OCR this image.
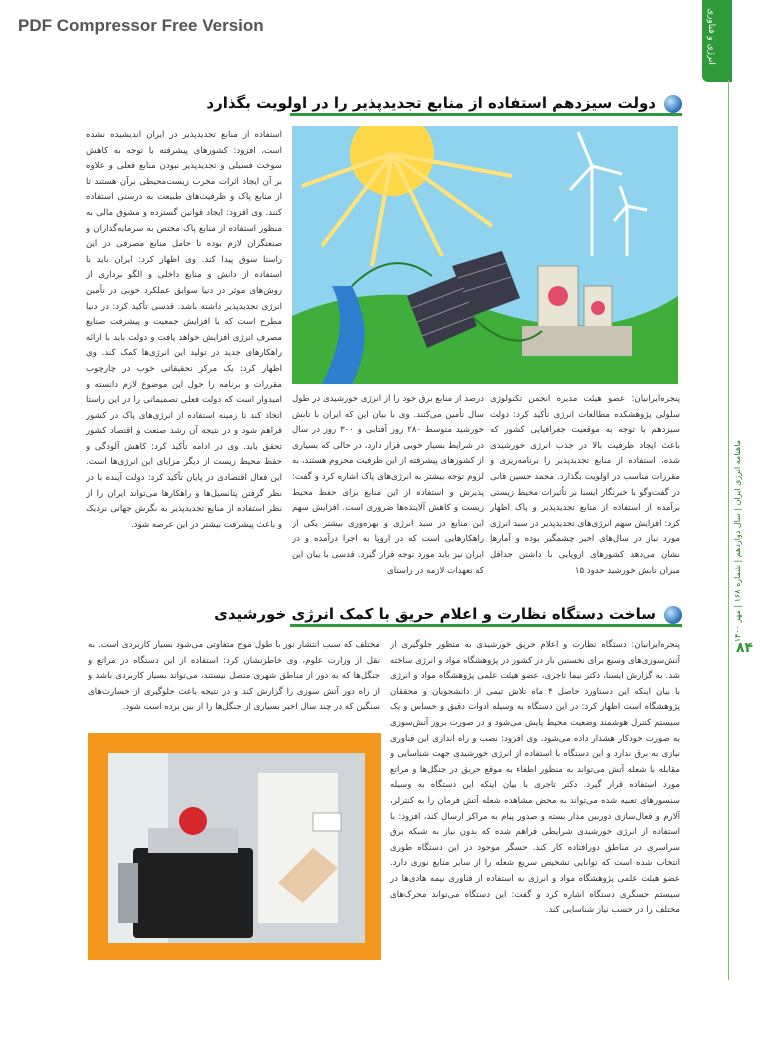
PDF Compressor Free Version	انرژی و فناوری
ماهنامه انرژی ایران | سال دوازدهم | شماره ۱۶۸ | مهر ۱۴۰۰
۸۴
دولت سیزدهم استفاده از منابع تجدیدپذیر را در اولویت بگذارد
استفاده از منابع تجدیدپذیر در ایران اندیشیده نشده است، افزود: کشورهای پیشرفته با توجه به کاهش سوخت فسیلی و تجدیدپذیر نبودن منابع فعلی و علاوه بر آن ایجاد اثرات مخرب زیست‌محیطی برآن هستند تا از منابع پاک و ظرفیت‌های طبیعت به درستی استفاده کنند. وی افزود: ایجاد قوانین گسترده و مشوق مالی به منظور استفاده از منابع پاک مختص به سرمایه‌گذاران و صنعتگران لازم بوده تا حامل منابع مصرفی در این راستا سوق پیدا کند. وی اظهار کرد: ایران باید با استفاده از دانش و منابع داخلی و الگو برداری از روش‌های موثر در دنیا سوابق عملکرد خوبی در تأمین انرژی تجدیدپذیر داشته باشد. قدسی تأکید کرد: در دنیا مطرح است که با افزایش جمعیت و پیشرفت صنایع مصرف انرژی افزایش خواهد یافت و دولت باید با ارائه راهکارهای جدید در تولید این انرژی‌ها کمک کند. وی اظهار کرد: یک مرکز تحقیقاتی خوب در چارچوب مقررات و برنامه را حول این موضوع لازم دانسته و امیدوار است که دولت فعلی تصمیماتی را در این راستا اتخاذ کند تا زمینه استفاده از انرژی‌های پاک در کشور فراهم شود و در نتیجه آن رشد صنعت و اقتصاد کشور تحقق یابد. وی در ادامه تأکید کرد: کاهش آلودگی و حفظ محیط زیست از دیگر مزایای این انرژی‌ها است. این فعال اقتصادی در پایان تأکید کرد: دولت آینده با در نظر گرفتن پتانسیل‌ها و راهکارها می‌تواند ایران را از نظر استفاده از منابع تجدیدپذیر به نگرش جهانی نزدیک و باعث پیشرفت بیشتر در این عرصه شود.
درصد از منابع برق خود را از انرژی خورشیدی در طول سال تأمین می‌کنند. وی با بیان این که ایران با تابش خورشید متوسط ۲۸۰ روز آفتابی و ۳۰۰ روز در سال در شرایط بسیار خوبی قرار دارد، در حالی که بسیاری از کشورهای پیشرفته از این ظرفیت محروم هستند، به لزوم توجه بیشتر به انرژی‌های پاک اشاره کرد و گفت: پذیرش و استفاده از این منابع برای حفظ محیط زیست و کاهش آلاینده‌ها ضروری است. افزایش سهم این منابع در سبد انرژی و بهره‌وری بیشتر یکی از راهکارهایی است که در اروپا به اجرا درآمده و در ایران نیز باید مورد توجه قرار گیرد. قدسی با بیان این که تعهدات لازمه در راستای
پنجره‌ایرانیان: عضو هیئت مدیره انجمن تکنولوژی سلولی پژوهشکده مطالعات انرژی تأکید کرد: دولت سیزدهم با توجه به موقعیت جغرافیایی کشور که باعث ایجاد ظرفیت بالا در جذب انرژی خورشیدی شده، استفاده از منابع تجدیدپذیر را برنامه‌ریزی و مقررات مناسب در اولویت بگذارد. محمد حسین قانی در گفت‌وگو با خبرنگار ایسنا بر تأثیرات محیط زیستی برآمده از استفاده از منابع تجدیدپذیر و پاک اظهار کرد: افزایش سهم انرژی‌های تجدیدپذیر در سبد انرژی مورد نیاز در سال‌های اخیر چشمگیر بوده و آمارها نشان می‌دهد کشورهای اروپایی با داشتن حداقل میزان تابش خورشید حدود ۱۵
ساخت دستگاه نظارت و اعلام حریق با کمک انرژی خورشیدی
مختلف که سبب انتشار نور با طول موج متفاوتی می‌شود بسیار کاربردی است. به نقل از وزارت علوم، وی خاطرنشان کرد: استفاده از این دستگاه در مراتع و جنگل‌ها که به دور از مناطق شهری متصل نیستند، می‌تواند بسیار کاربردی باشد و از راه دور آتش سوزی را گزارش کند و در نتیجه باعث جلوگیری از خسارت‌های سنگین که در چند سال اخیر بسیاری از جنگل‌ها را از بین برده است شود.
پنجره‌ایرانیان: دستگاه نظارت و اعلام حریق خورشیدی به منظور جلوگیری از آتش‌سوزی‌های وسیع برای نخستین بار در کشور در پژوهشگاه مواد و انرژی ساخته شد. به گزارش ایسنا، دکتر نیما تاجری، عضو هیئت علمی پژوهشگاه مواد و انرژی با بیان اینکه این دستاورد حاصل ۴ ماه تلاش تیمی از دانشجویان و محققان پژوهشگاه است اظهار کرد: در این دستگاه به وسیله ادوات دقیق و حساس و یک سیستم کنترل هوشمند وضعیت محیط پایش می‌شود و در صورت بروز آتش‌سوزی به صورت خودکار هشدار داده می‌شود. وی افزود: نصب و راه اندازی این فناوری نیازی به برق ندارد و این دستگاه با استفاده از انرژی خورشیدی جهت شناسایی و مقابله با شعله آتش می‌تواند به منظور اطفاء به موقع حریق در جنگل‌ها و مراتع مورد استفاده قرار گیرد. دکتر تاجری با بیان اینکه این دستگاه به وسیله سنسورهای تعبیه شده می‌تواند به محض مشاهده شعله آتش فرمان را به کنترلر، آلارم و فعال‌سازی دوربین مدار بسته و صدور پیام به مراکز ارسال کند، افزود: با استفاده از انرژی خورشیدی شرایطی فراهم شده که بدون نیاز به شبکه برق سراسری در مناطق دورافتاده کار کند. حسگر موجود در این دستگاه طوری انتخاب شده است که توانایی تشخیص سریع شعله را از سایر منابع نوری دارد. عضو هیئت علمی پژوهشگاه مواد و انرژی به استفاده از فناوری نیمه هادی‌ها در سیستم حسگری دستگاه اشاره کرد و گفت: این دستگاه می‌تواند محرک‌های مختلف را در حسب نیاز شناسایی کند.
